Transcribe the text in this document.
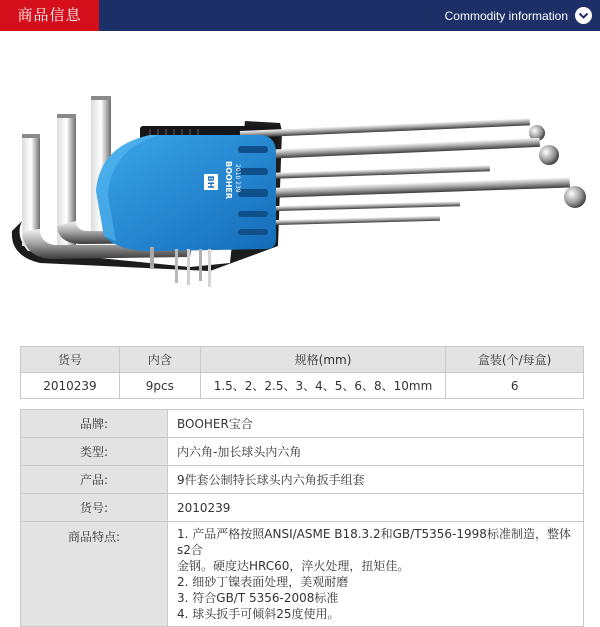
商品信息	Commodity information
BH BOOHER 2010 239
货号	内含	规格(mm)	盒装(个/每盒)
2010239	9pcs	1.5、2、2.5、3、4、5、6、8、10mm	6
品牌:	BOOHER宝合
类型:	内六角-加长球头内六角
产品:	9件套公制特长球头内六角扳手组套
货号:	2010239
商品特点:	1. 产品严格按照ANSI/ASME B18.3.2和GB/T5356-1998标准制造，整体s2合
金钢。硬度达HRC60，淬火处理，扭矩佳。
2. 细砂丁镍表面处理，美观耐磨
3. 符合GB/T 5356-2008标准
4. 球头扳手可倾斜25度使用。
